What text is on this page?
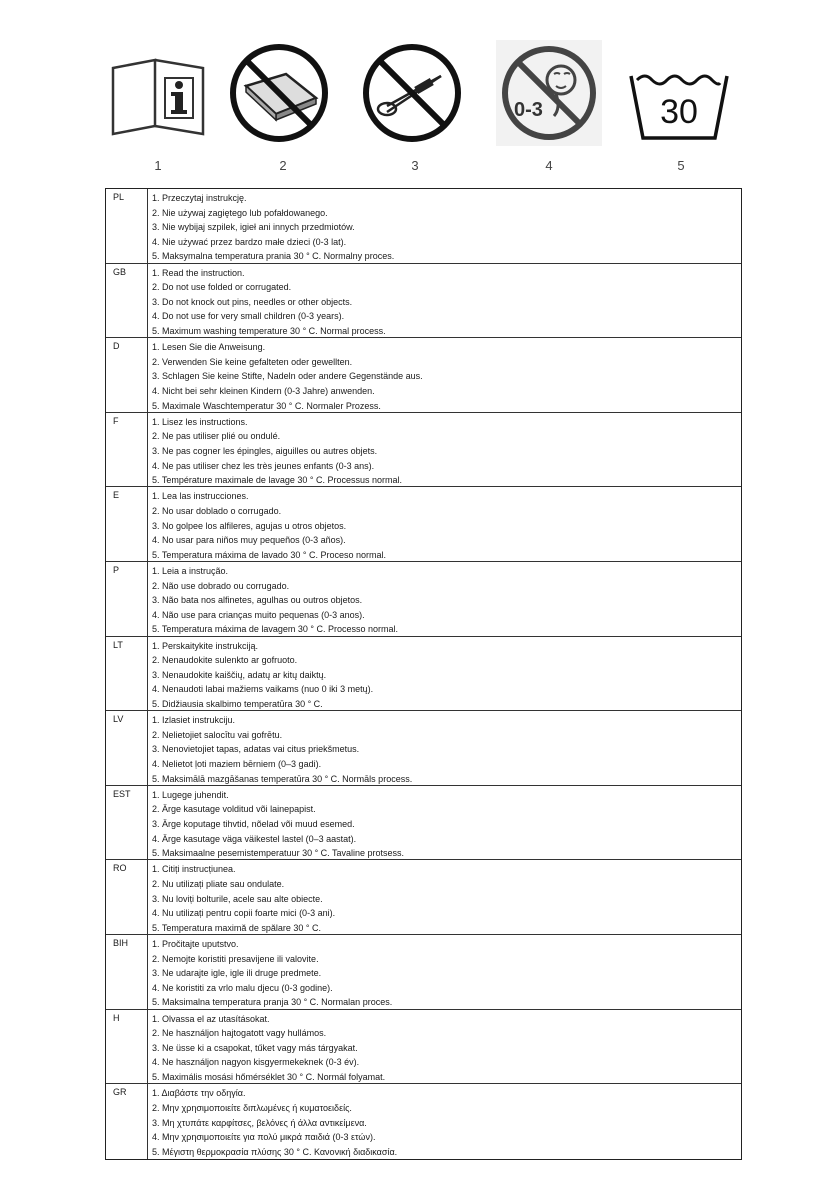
0-3	30
1	2	3	4	5
PL	1. Przeczytaj instrukcję.
2. Nie używaj zagiętego lub pofałdowanego.
3. Nie wybijaj szpilek, igieł ani innych przedmiotów.
4. Nie używać przez bardzo małe dzieci (0-3 lat).
5. Maksymalna temperatura prania 30 ° C. Normalny proces.
GB	1. Read the instruction.
2. Do not use folded or corrugated.
3. Do not knock out pins, needles or other objects.
4. Do not use for very small children (0-3 years).
5. Maximum washing temperature 30 ° C. Normal process.
D	1. Lesen Sie die Anweisung.
2. Verwenden Sie keine gefalteten oder gewellten.
3. Schlagen Sie keine Stifte, Nadeln oder andere Gegenstände aus.
4. Nicht bei sehr kleinen Kindern (0-3 Jahre) anwenden.
5. Maximale Waschtemperatur 30 ° C. Normaler Prozess.
F	1. Lisez les instructions.
2. Ne pas utiliser plié ou ondulé.
3. Ne pas cogner les épingles, aiguilles ou autres objets.
4. Ne pas utiliser chez les très jeunes enfants (0-3 ans).
5. Température maximale de lavage 30 ° C. Processus normal.
E	1. Lea las instrucciones.
2. No usar doblado o corrugado.
3. No golpee los alfileres, agujas u otros objetos.
4. No usar para niños muy pequeños (0-3 años).
5. Temperatura máxima de lavado 30 ° C. Proceso normal.
P	1. Leia a instrução.
2. Não use dobrado ou corrugado.
3. Não bata nos alfinetes, agulhas ou outros objetos.
4. Não use para crianças muito pequenas (0-3 anos).
5. Temperatura máxima de lavagem 30 ° C. Processo normal.
LT	1. Perskaitykite instrukciją.
2. Nenaudokite sulenkto ar gofruoto.
3. Nenaudokite kaiščių, adatų ar kitų daiktų.
4. Nenaudoti labai mažiems vaikams (nuo 0 iki 3 metų).
5. Didžiausia skalbimo temperatūra 30 ° C.
LV	1. Izlasiet instrukciju.
2. Nelietojiet salocītu vai gofrētu.
3. Nenovietojiet tapas, adatas vai citus priekšmetus.
4. Nelietot ļoti maziem bērniem (0–3 gadi).
5. Maksimālā mazgāšanas temperatūra 30 ° C. Normāls process.
EST	1. Lugege juhendit.
2. Ärge kasutage volditud või lainepapist.
3. Ärge koputage tihvtid, nõelad või muud esemed.
4. Ärge kasutage väga väikestel lastel (0–3 aastat).
5. Maksimaalne pesemistemperatuur 30 ° C. Tavaline protsess.
RO	1. Citiți instrucțiunea.
2. Nu utilizați pliate sau ondulate.
3. Nu loviți bolturile, acele sau alte obiecte.
4. Nu utilizați pentru copii foarte mici (0-3 ani).
5. Temperatura maximă de spălare 30 ° C.
BIH	1. Pročitajte uputstvo.
2. Nemojte koristiti presavijene ili valovite.
3. Ne udarajte igle, igle ili druge predmete.
4. Ne koristiti za vrlo malu djecu (0-3 godine).
5. Maksimalna temperatura pranja 30 ° C. Normalan proces.
H	1. Olvassa el az utasításokat.
2. Ne használjon hajtogatott vagy hullámos.
3. Ne üsse ki a csapokat, tűket vagy más tárgyakat.
4. Ne használjon nagyon kisgyermekeknek (0-3 év).
5. Maximális mosási hőmérséklet 30 ° C. Normál folyamat.
GR	1. Διαβάστε την οδηγία.
2. Μην χρησιμοποιείτε διπλωμένες ή κυματοειδείς.
3. Μη χτυπάτε καρφίτσες, βελόνες ή άλλα αντικείμενα.
4. Μην χρησιμοποιείτε για πολύ μικρά παιδιά (0-3 ετών).
5. Μέγιστη θερμοκρασία πλύσης 30 ° C. Κανονική διαδικασία.
